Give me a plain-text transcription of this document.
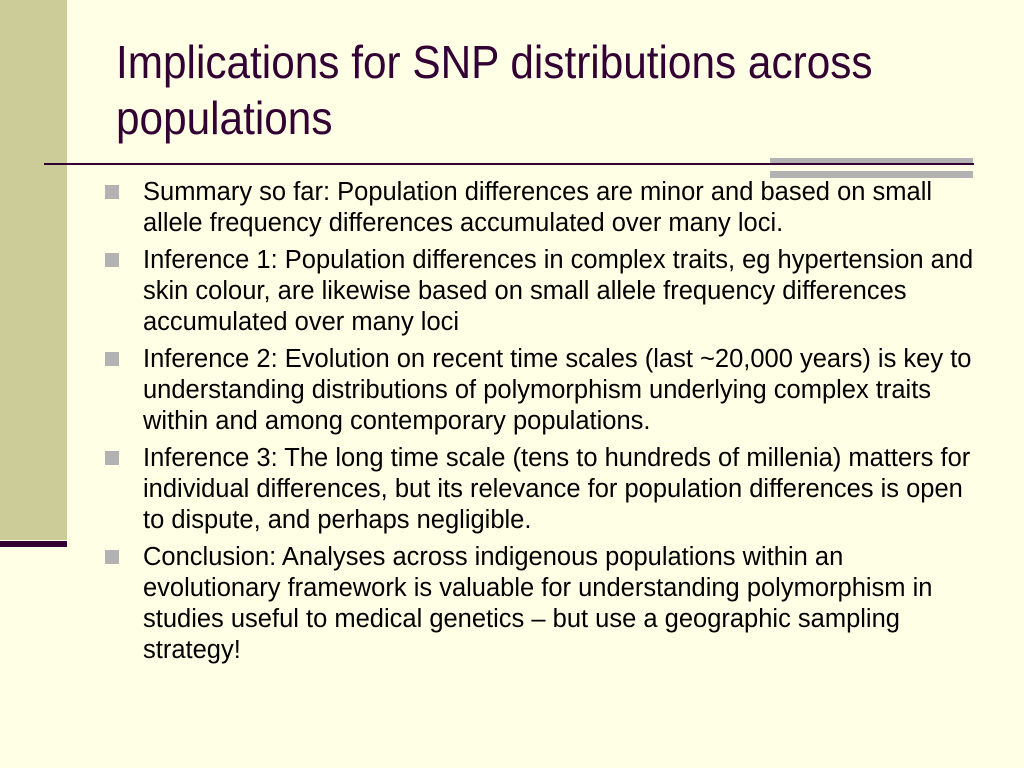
Implications for SNP distributions across populations
Summary so far: Population differences are minor and based on small allele frequency differences accumulated over many loci.
Inference 1: Population differences in complex traits, eg hypertension and skin colour, are likewise based on small allele frequency differences accumulated over many loci
Inference 2: Evolution on recent time scales (last ~20,000 years) is key to understanding distributions of polymorphism underlying complex traits within and among contemporary populations.
Inference 3: The long time scale (tens to hundreds of millenia) matters for individual differences, but its relevance for population differences is open to dispute, and perhaps negligible.
Conclusion: Analyses across indigenous populations within an evolutionary framework is valuable for understanding polymorphism in studies useful to medical genetics – but use a geographic sampling strategy!
